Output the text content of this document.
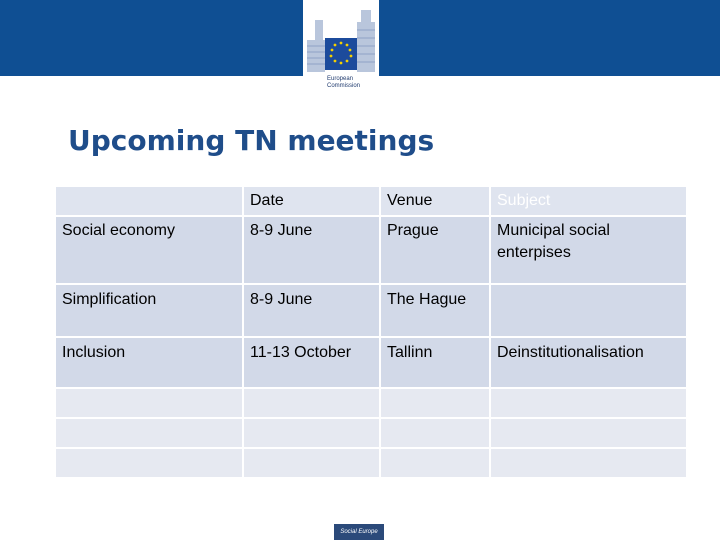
European
Commission
Upcoming TN meetings
	Date	Venue	Subject
Social economy	8-9 June	Prague	Municipal social enterpises
Simplification	8-9 June	The Hague	
Inclusion	11-13 October	Tallinn	Deinstitutionalisation

Social Europe
